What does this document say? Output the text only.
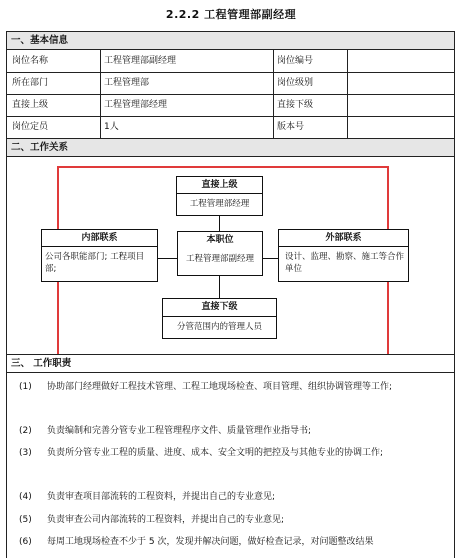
2.2.2 工程管理部副经理
一、基本信息
岗位名称	工程管理部副经理	岗位编号
所在部门	工程管理部	岗位级别
直接上级	工程管理部经理	直接下级
岗位定员	1人	版本号
二、工作关系
直接上级
工程管理部经理
本职位
工程管理部副经理
内部联系
公司各职能部门; 工程项目部;
外部联系
设计、监理、勘察、施工等合作单位
直接下级
分管范围内的管理人员
三、 工作职责
(1) 协助部门经理做好工程技术管理、工程工地现场检查、项目管理、组织协调管理等工作;
(2) 负责编制和完善分管专业工程管理程序文件、质量管理作业指导书;
(3) 负责所分管专业工程的质量、进度、成本、安全文明的把控及与其他专业的协调工作;
(4) 负责审查项目部流转的工程资料，并提出自己的专业意见;
(5) 负责审查公司内部流转的工程资料，并提出自己的专业意见;
(6) 每周工地现场检查不少于 5 次，发现并解决问题，做好检查记录，对问题整改结果
